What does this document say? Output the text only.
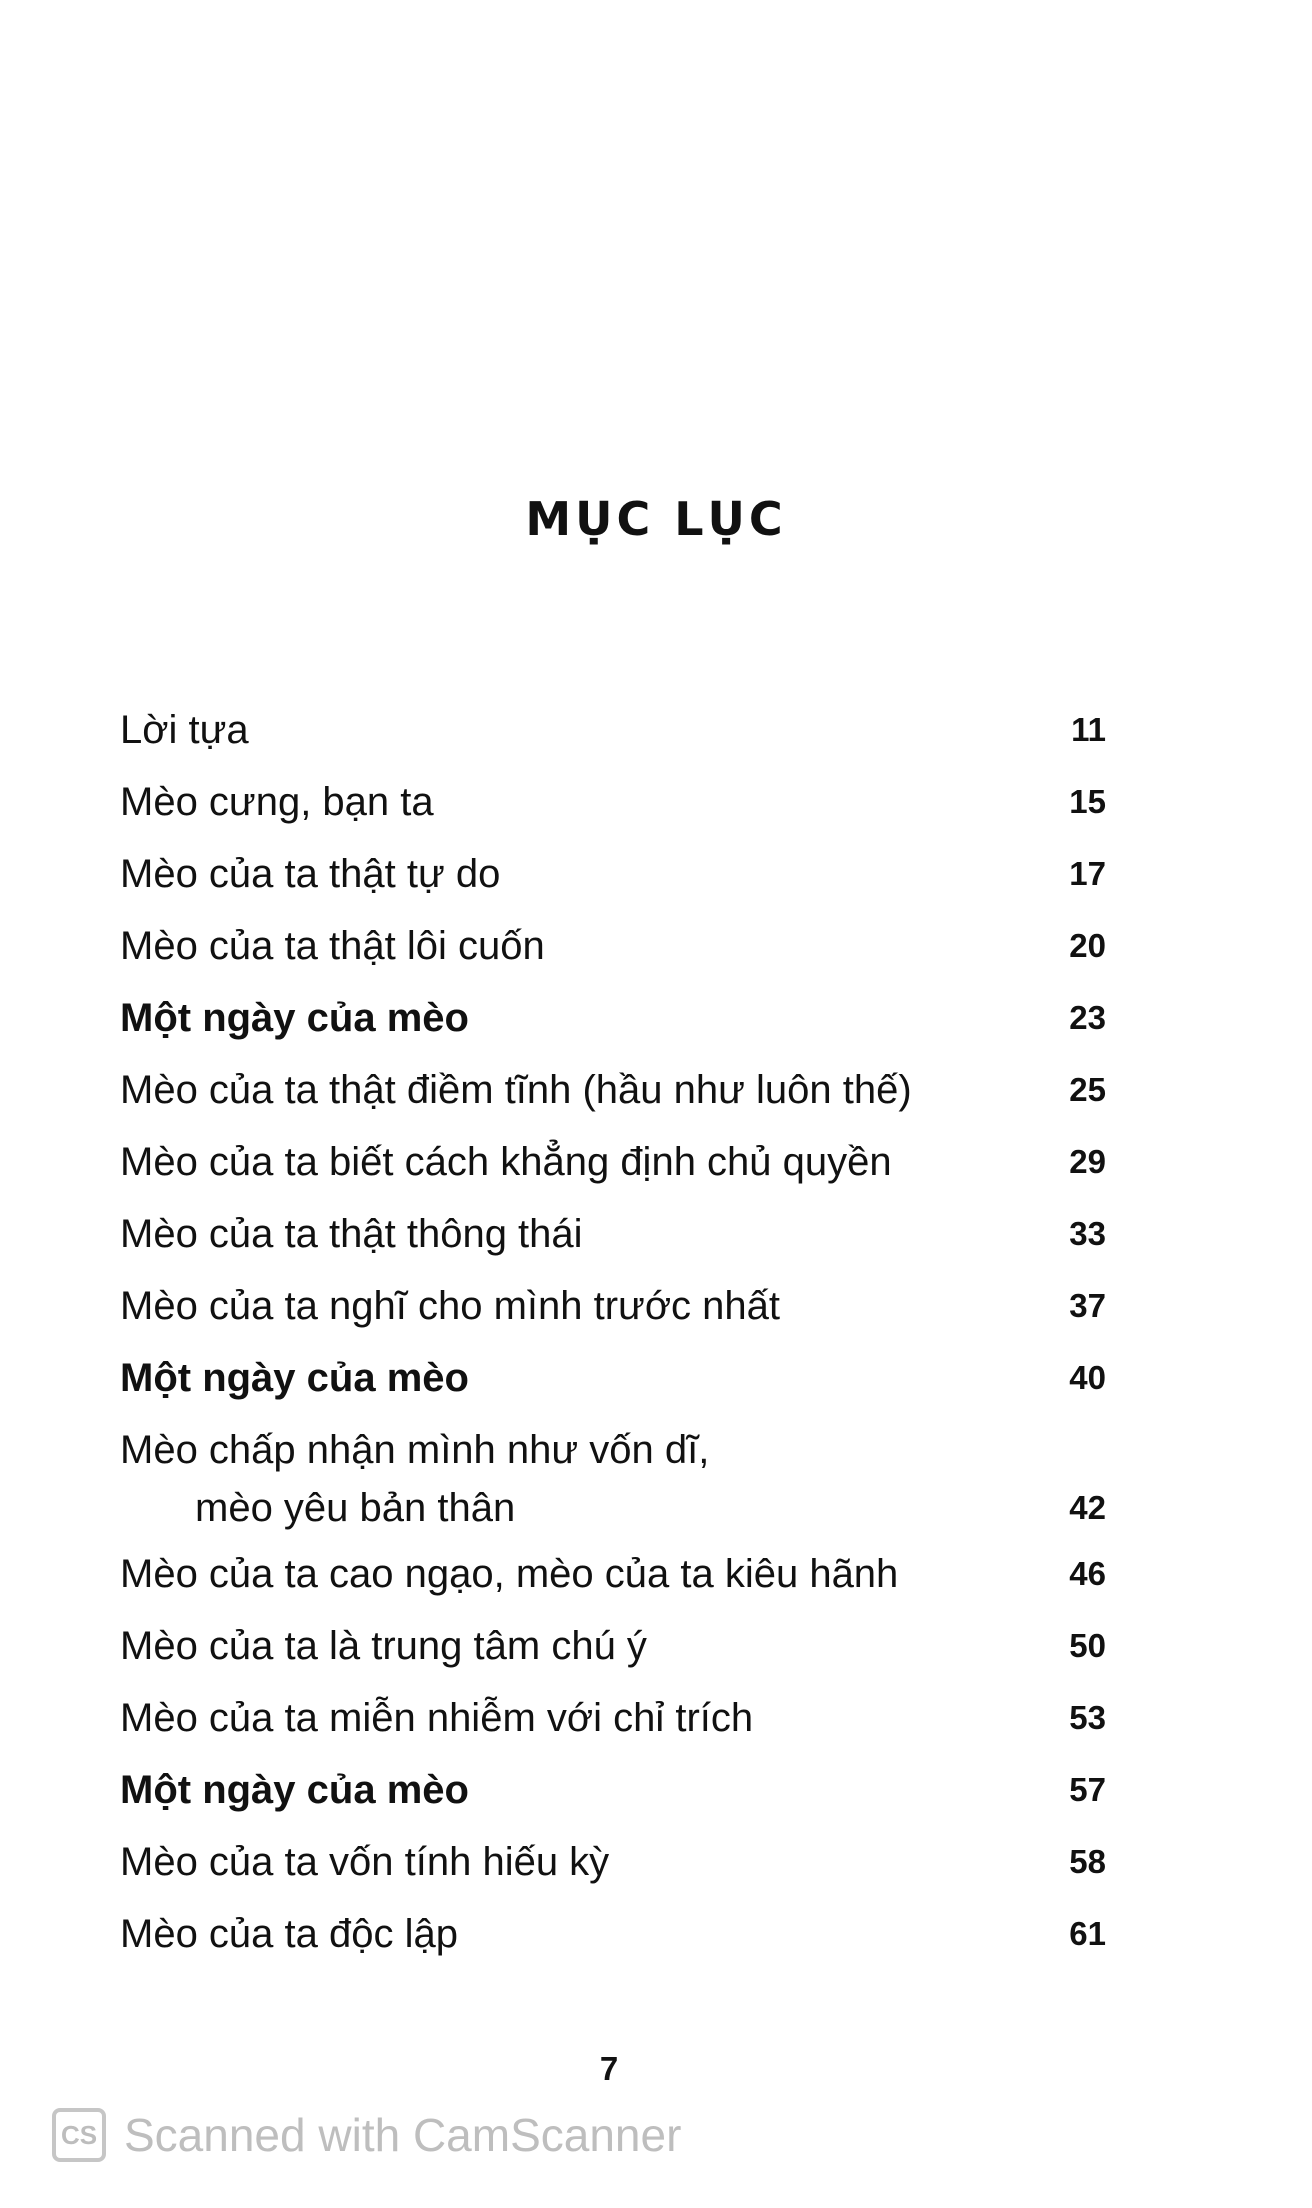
MỤC LỤC
Lời tựa	11
Mèo cưng, bạn ta	15
Mèo của ta thật tự do	17
Mèo của ta thật lôi cuốn	20
Một ngày của mèo	23
Mèo của ta thật điềm tĩnh (hầu như luôn thế)	25
Mèo của ta biết cách khẳng định chủ quyền	29
Mèo của ta thật thông thái	33
Mèo của ta nghĩ cho mình trước nhất	37
Một ngày của mèo	40
Mèo chấp nhận mình như vốn dĩ,
mèo yêu bản thân	42
Mèo của ta cao ngạo, mèo của ta kiêu hãnh	46
Mèo của ta là trung tâm chú ý	50
Mèo của ta miễn nhiễm với chỉ trích	53
Một ngày của mèo	57
Mèo của ta vốn tính hiếu kỳ	58
Mèo của ta độc lập	61
7
CS Scanned with CamScanner
